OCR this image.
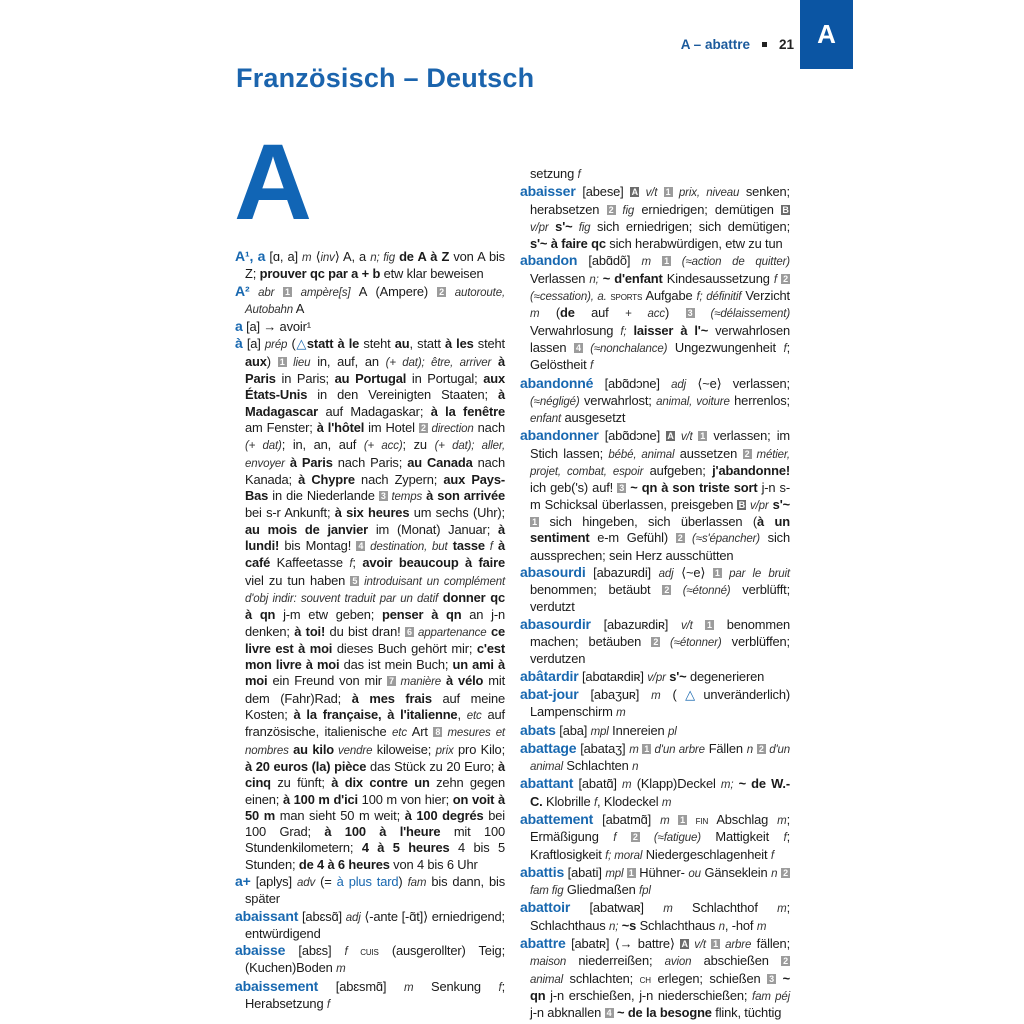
A – abattre 21 A
Französisch – Deutsch
A

A¹, a [ɑ, a] m ⟨inv⟩ A, a n; fig de A à Z von A bis Z; prouver qc par a + b etw klar beweisen

A² abr 1 ampère[s] A (Ampere) 2 autoroute, Autobahn A

a [a] → avoir¹

à [a] prép (△statt à le steht au, statt à les steht aux) 1 lieu in, auf, an (+ dat); être, arriver à Paris in Paris; au Portugal in Portugal; aux États-Unis in den Vereinigten Staaten; à Madagascar auf Madagaskar; à la fenêtre am Fenster; à l'hôtel im Hotel 2 direction nach (+ dat); in, an, auf (+ acc); zu (+ dat); aller, envoyer à Paris nach Paris; au Canada nach Kanada; à Chypre nach Zypern; aux Pays-Bas in die Niederlande 3 temps à son arrivée bei s-r Ankunft; à six heures um sechs (Uhr); au mois de janvier im (Monat) Januar; à lundi! bis Montag! 4 destination, but tasse f à café Kaffeetasse f; avoir beaucoup à faire viel zu tun haben 5 introduisant un complément d'obj indir: souvent traduit par un datif donner qc à qn j-m etw geben; penser à qn an j-n denken; à toi! du bist dran! 6 appartenance ce livre est à moi dieses Buch gehört mir; c'est mon livre à moi das ist mein Buch; un ami à moi ein Freund von mir 7 manière à vélo mit dem (Fahr)Rad; à mes frais auf meine Kosten; à la française, à l'italienne, etc auf französische, italienische etc Art 8 mesures et nombres au kilo vendre kiloweise; prix pro Kilo; à 20 euros (la) pièce das Stück zu 20 Euro; à cinq zu fünft; à dix contre un zehn gegen einen; à 100 m d'ici 100 m von hier; on voit à 50 m man sieht 50 m weit; à 100 degrés bei 100 Grad; à 100 à l'heure mit 100 Stundenkilometern; 4 à 5 heures 4 bis 5 Stunden; de 4 à 6 heures von 4 bis 6 Uhr

a+ [aplys] adv (= à plus tard) fam bis dann, bis später

abaissant [abɛsɑ̃] adj ⟨-ante [-ɑ̃t]⟩ erniedrigend; entwürdigend

abaisse [abɛs] f cuis (ausgerollter) Teig; (Kuchen)Boden m

abaissement [abɛsmɑ̃] m Senkung f; Herabsetzung f

setzung f

abaisser [abese] A v/t 1 prix, niveau senken; herabsetzen 2 fig erniedrigen; demütigen B v/pr s'~ fig sich erniedrigen; sich demütigen; s'~ à faire qc sich herabwürdigen, etw zu tun

abandon [abɑ̃dõ] m 1 (≈action de quitter) Verlassen n; ~ d'enfant Kindesaussetzung f 2 (≈cessation), a. sports Aufgabe f; définitif Verzicht m (de auf + acc) 3 (≈délaissement) Verwahrlosung f; laisser à l'~ verwahrlosen lassen 4 (≈nonchalance) Ungezwungenheit f; Gelöstheit f

abandonné [abɑ̃dɔne] adj ⟨~e⟩ verlassen; (≈négligé) verwahrlost; animal, voiture herrenlos; enfant ausgesetzt

abandonner [abɑ̃dɔne] A v/t 1 verlassen; im Stich lassen; bébé, animal aussetzen 2 métier, projet, combat, espoir aufgeben; j'abandonne! ich geb('s) auf! 3 ~ qn à son triste sort j-n s-m Schicksal überlassen, preisgeben B v/pr s'~ 1 sich hingeben, sich überlassen (à un sentiment e-m Gefühl) 2 (≈s'épancher) sich aussprechen; sein Herz ausschütten

abasourdi [abazuʀdi] adj ⟨~e⟩ 1 par le bruit benommen; betäubt 2 (≈étonné) verblüfft; verdutzt

abasourdir [abazuʀdiʀ] v/t 1 benommen machen; betäuben 2 (≈étonner) verblüffen; verdutzen

abâtardir [abɑtaʀdiʀ] v/pr s'~ degenerieren

abat-jour [abaʒuʀ] m (△unveränderlich) Lampenschirm m

abats [aba] mpl Innereien pl

abattage [abataʒ] m 1 d'un arbre Fällen n 2 d'un animal Schlachten n

abattant [abatɑ̃] m (Klapp)Deckel m; ~ de W.-C. Klobrille f, Klodeckel m

abattement [abatmɑ̃] m 1 fin Abschlag m; Ermäßigung f 2 (≈fatigue) Mattigkeit f; Kraftlosigkeit f; moral Niedergeschlagenheit f

abattis [abati] mpl 1 Hühner- ou Gänseklein n 2 fam fig Gliedmaßen fpl

abattoir [abatwaʀ] m Schlachthof m; Schlachthaus n; ~s Schlachthaus n, -hof m

abattre [abatʀ] ⟨→ battre⟩ A v/t 1 arbre fällen; maison niederreißen; avion abschießen 2 animal schlachten; ch erlegen; schießen 3 ~ qn j-n erschießen, j-n niederschießen; fam péj j-n abknallen 4 ~ de la besogne flink, tüchtig
